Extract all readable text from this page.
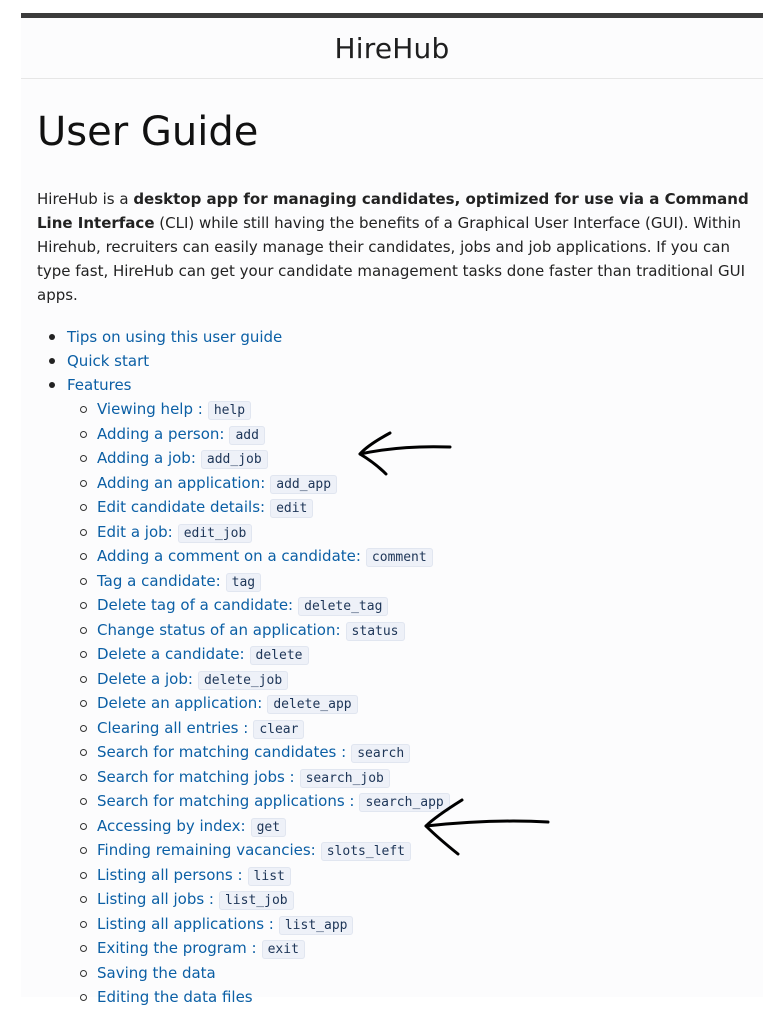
HireHub
User Guide

HireHub is a desktop app for managing candidates, optimized for use via a Command Line Interface (CLI) while still having the benefits of a Graphical User Interface (GUI). Within Hirehub, recruiters can easily manage their candidates, jobs and job applications. If you can type fast, HireHub can get your candidate management tasks done faster than traditional GUI apps.

Tips on using this user guide
Quick start
Features
Viewing help : help
Adding a person: add
Adding a job: add_job
Adding an application: add_app
Edit candidate details: edit
Edit a job: edit_job
Adding a comment on a candidate: comment
Tag a candidate: tag
Delete tag of a candidate: delete_tag
Change status of an application: status
Delete a candidate: delete
Delete a job: delete_job
Delete an application: delete_app
Clearing all entries : clear
Search for matching candidates : search
Search for matching jobs : search_job
Search for matching applications : search_app
Accessing by index: get
Finding remaining vacancies: slots_left
Listing all persons : list
Listing all jobs : list_job
Listing all applications : list_app
Exiting the program : exit
Saving the data
Editing the data files
